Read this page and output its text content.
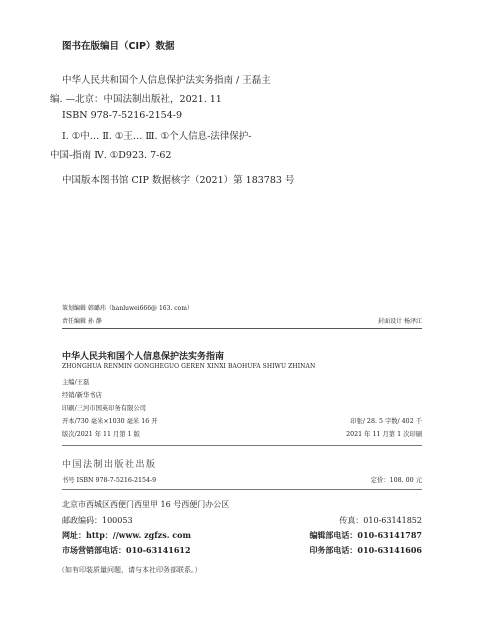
图书在版编目（CIP）数据
中华人民共和国个人信息保护法实务指南 / 王磊主
编. —北京：中国法制出版社，2021. 11
ISBN 978-7-5216-2154-9
Ⅰ. ①中… Ⅱ. ①王… Ⅲ. ①个人信息-法律保护-
中国-指南 Ⅳ. ①D923. 7-62
中国版本图书馆 CIP 数据核字（2021）第 183783 号
策划编辑 韩璐玮（hanluwei666@ 163. com）
责任编辑 孙 静	封面设计 杨泽江
中华人民共和国个人信息保护法实务指南
ZHONGHUA RENMIN GONGHEGUO GEREN XINXI BAOHUFA SHIWU ZHINAN
主编/王磊
经销/新华书店
印刷/三河市国英印务有限公司
开本/730 毫米×1030 毫米 16 开	印张/ 28. 5 字数/ 402 千
版次/2021 年 11 月第 1 版	2021 年 11 月第 1 次印刷
中国法制出版社出版
书号 ISBN 978-7-5216-2154-9	定价：108. 00 元
北京市西城区西便门西里甲 16 号西便门办公区
邮政编码：100053	传真：010-63141852
网址：http：//www. zgfzs. com	编辑部电话：010-63141787
市场营销部电话：010-63141612	印务部电话：010-63141606
（如有印装质量问题，请与本社印务部联系。）
